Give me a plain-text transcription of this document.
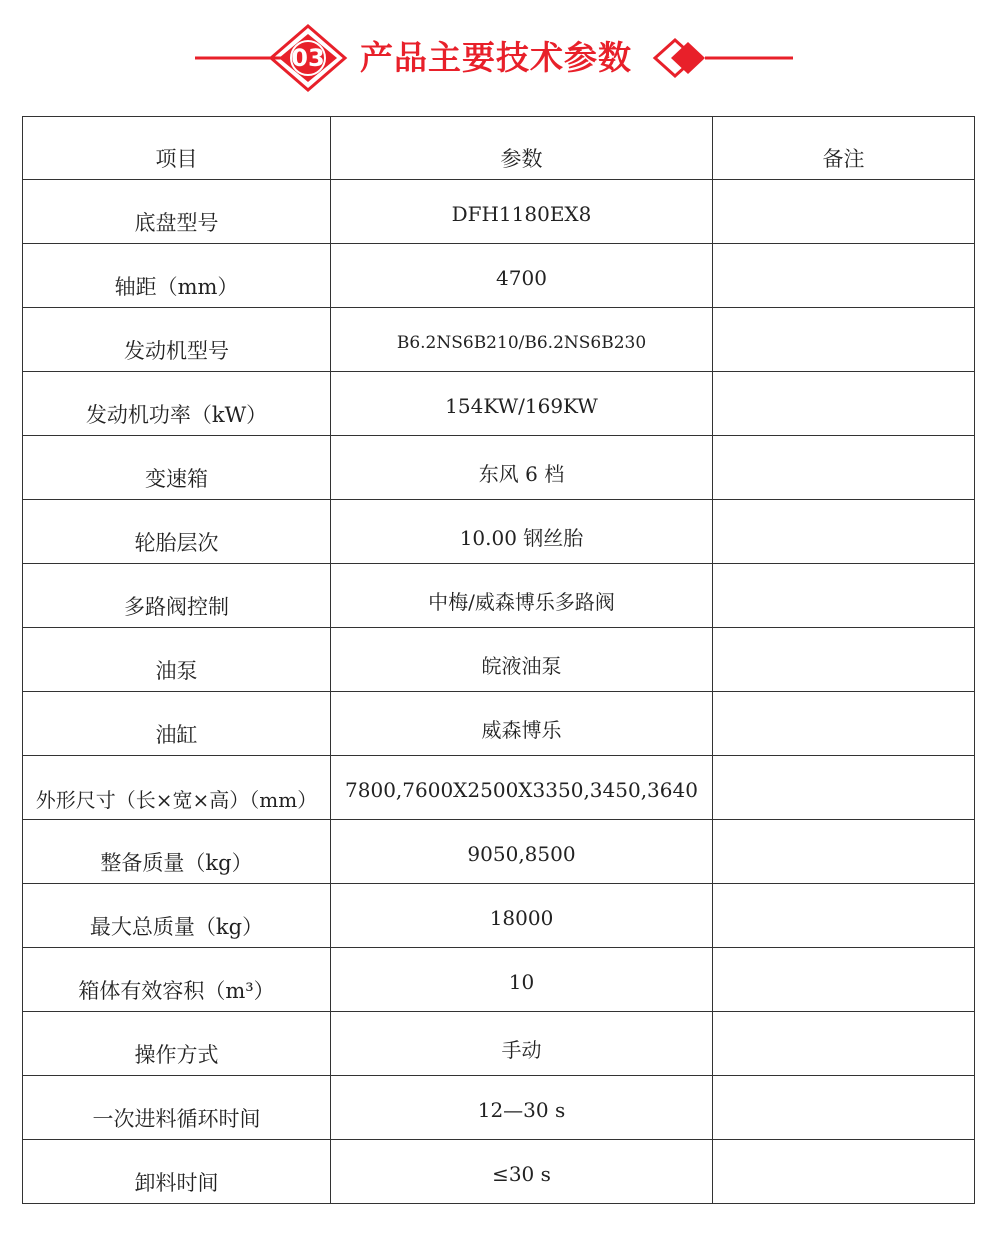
03 产品主要技术参数
项目	参数	备注
底盘型号	DFH1180EX8	
轴距（mm）	4700	
发动机型号	B6.2NS6B210/B6.2NS6B230	
发动机功率（kW）	154KW/169KW	
变速箱	东风 6 档	
轮胎层次	10.00 钢丝胎	
多路阀控制	中梅/威森博乐多路阀	
油泵	皖液油泵	
油缸	威森博乐	
外形尺寸（长×宽×高）（mm）	7800,7600X2500X3350,3450,3640	
整备质量（kg）	9050,8500	
最大总质量（kg）	18000	
箱体有效容积（m³）	10	
操作方式	手动	
一次进料循环时间	12—30 s	
卸料时间	≤30 s	
